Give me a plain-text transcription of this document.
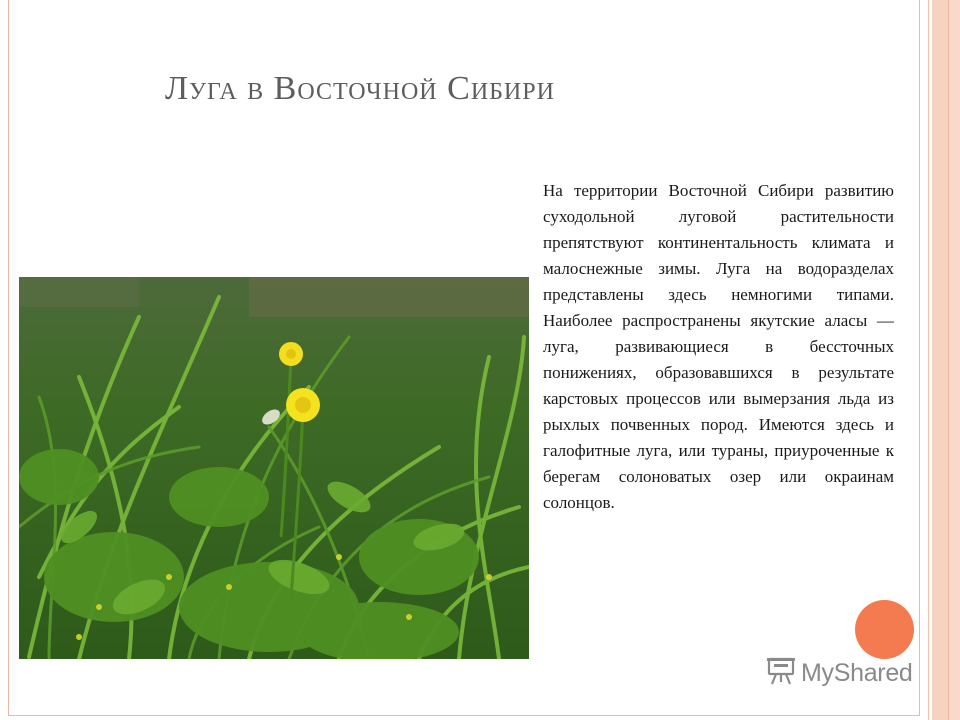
Луга в Восточной Сибири

На территории Восточной Сибири развитию суходольной луговой растительности препятствуют континентальность климата и малоснежные зимы. Луга на водоразделах представлены здесь немногими типами. Наиболее распространены якутские аласы — луга, развивающиеся в бессточных понижениях, образовавшихся в результате карстовых процессов или вымерзания льда из рыхлых почвенных пород. Имеются здесь и галофитные луга, или тураны, приуроченные к берегам солоноватых озер или окраинам солонцов.

MyShared
